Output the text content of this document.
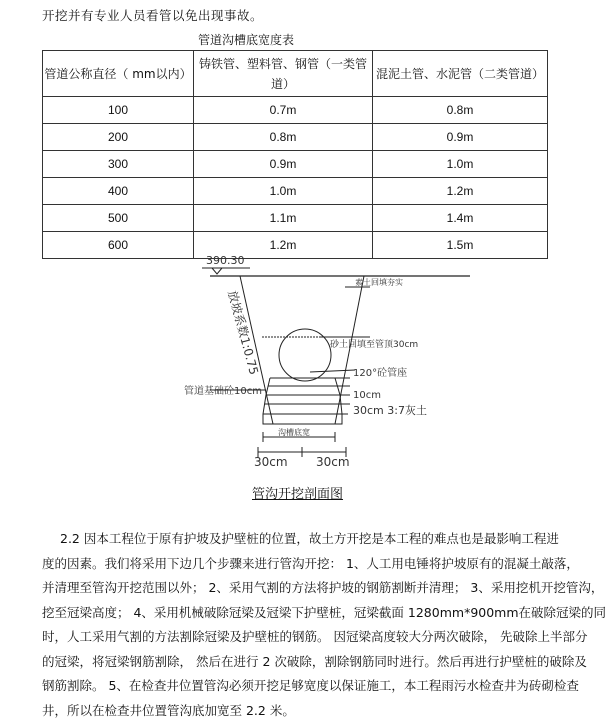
开挖并有专业人员看管以免出现事故。
管道沟槽底宽度表
管道公称直径（ mm以内）	铸铁管、塑料管、钢管（一类管道）	混泥土管、水泥管（二类管道）
100	0.7m	0.8m
200	0.8m	0.9m
300	0.9m	1.0m
400	1.0m	1.2m
500	1.1m	1.4m
600	1.2m	1.5m
390.30
放坡系数1:0.75
素土回填夯实
砂土回填至管顶30cm
120°砼管座
管道基础砼10cm	10cm
30cm 3:7灰土
沟槽底宽
30cm 30cm
管沟开挖剖面图
2.2 因本工程位于原有护坡及护壁桩的位置，故土方开挖是本工程的难点也是最影响工程进
度的因素。我们将采用下边几个步骤来进行管沟开挖： 1、人工用电锤将护坡原有的混凝土敲落，
并清理至管沟开挖范围以外； 2、采用气割的方法将护坡的钢筋割断并清理； 3、采用挖机开挖管沟，
挖至冠梁高度； 4、采用机械破除冠梁及冠梁下护壁桩，冠梁截面 1280mm*900mm在破除冠梁的同
时，人工采用气割的方法割除冠梁及护壁桩的钢筋。 因冠梁高度较大分两次破除， 先破除上半部分
的冠梁，将冠梁钢筋割除， 然后在进行 2 次破除，割除钢筋同时进行。然后再进行护壁桩的破除及
钢筋割除。 5、在检查井位置管沟必须开挖足够宽度以保证施工，本工程雨污水检查井为砖砌检查
井，所以在检查井位置管沟底加宽至 2.2 米。
